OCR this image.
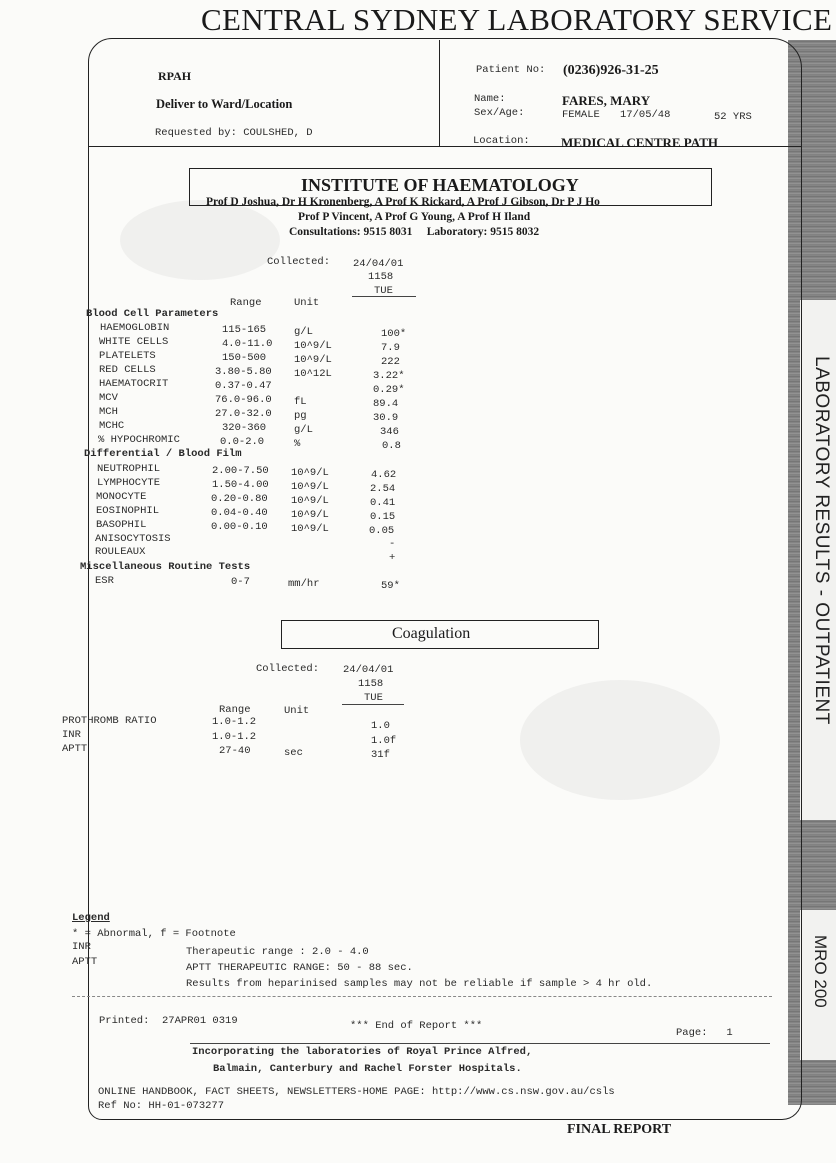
LABORATORY RESULTS - OUTPATIENT
MRO 200
CENTRAL SYDNEY LABORATORY SERVICE
RPAH
Deliver to Ward/Location
Requested by: COULSHED, D
Patient No: (0236)926-31-25
Name:	FARES, MARY
Sex/Age:	FEMALE 17/05/48	52 YRS
Location: MEDICAL CENTRE PATH
INSTITUTE OF HAEMATOLOGY
Prof D Joshua, Dr H Kronenberg, A Prof K Rickard, A Prof J Gibson, Dr P J Ho
Prof P Vincent, A Prof G Young, A Prof H Iland
Consultations: 9515 8031     Laboratory: 9515 8032
Collected: 24/04/01
1158
TUE
Range	Unit
Blood Cell Parameters
Differential / Blood Film
Miscellaneous Routine Tests
HAEMOGLOBIN	115-165	g/L	100*
WHITE CELLS	4.0-11.0 10^9/L	7.9
PLATELETS	150-500	10^9/L	222
RED CELLS	3.80-5.80 10^12L	3.22*
HAEMATOCRIT	0.37-0.47	0.29*
MCV	76.0-96.0 fL	89.4
MCH	27.0-32.0 pg	30.9
MCHC	320-360	g/L	346
% HYPOCHROMIC	0.0-2.0	%	0.8
NEUTROPHIL	2.00-7.50 10^9/L	4.62
LYMPHOCYTE	1.50-4.00 10^9/L	2.54
MONOCYTE	0.20-0.80 10^9/L	0.41
EOSINOPHIL	0.04-0.40 10^9/L	0.15
BASOPHIL	0.00-0.10 10^9/L	0.05
ANISOCYTOSIS	-
ROULEAUX	+
ESR	0-7	mm/hr	59*
Coagulation
Collected: 24/04/01
1158
TUE
Range	Unit
PROTHROMB RATIO	1.0-1.2	1.0
INR	1.0-1.2	1.0f
APTT	27-40	sec	31f
Legend
* = Abnormal, f = Footnote
INR	Therapeutic range : 2.0 - 4.0
APTT	APTT THERAPEUTIC RANGE: 50 - 88 sec.
Results from heparinised samples may not be reliable if sample > 4 hr old.
Printed:  27APR01 0319	*** End of Report ***
Page:   1
Incorporating the laboratories of Royal Prince Alfred,
Balmain, Canterbury and Rachel Forster Hospitals.
ONLINE HANDBOOK, FACT SHEETS, NEWSLETTERS-HOME PAGE: http://www.cs.nsw.gov.au/csls
Ref No: HH-01-073277
FINAL REPORT
